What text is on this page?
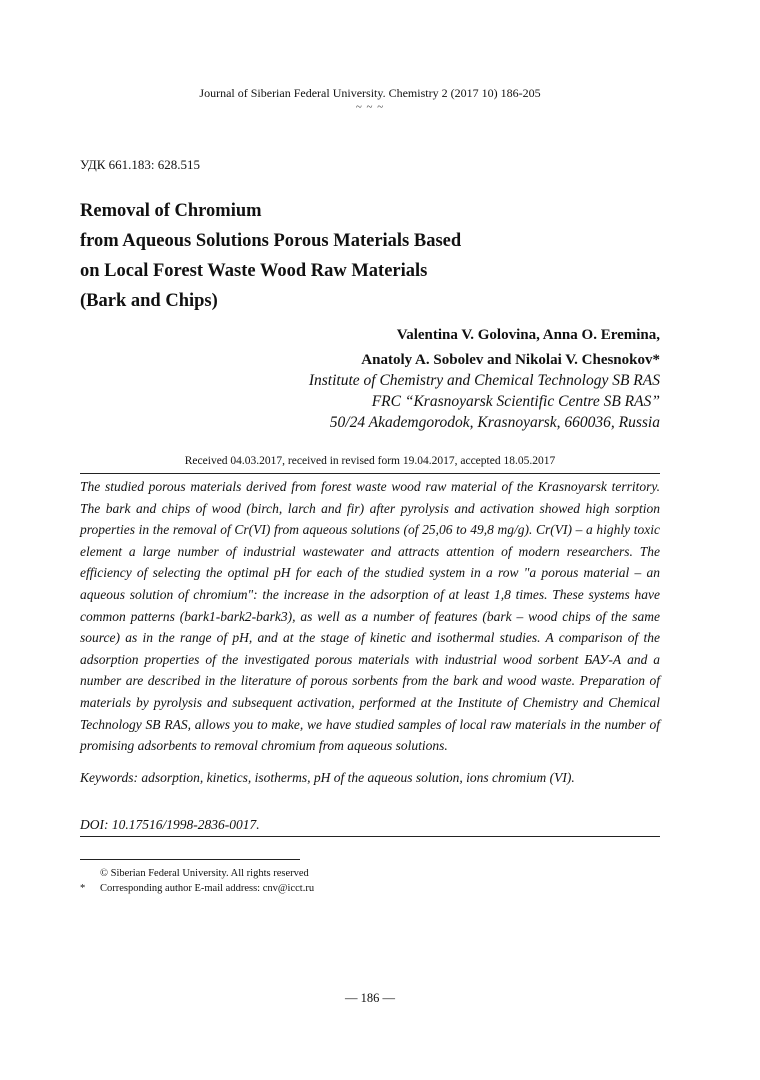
Journal of Siberian Federal University. Chemistry 2 (2017 10) 186-205
~ ~ ~
УДК 661.183: 628.515
Removal of Chromium
from Aqueous Solutions Porous Materials Based
on Local Forest Waste Wood Raw Materials
(Bark and Chips)
Valentina V. Golovina, Anna O. Eremina,
Anatoly A. Sobolev and Nikolai V. Chesnokov*
Institute of Chemistry and Chemical Technology SB RAS
FRC “Krasnoyarsk Scientific Centre SB RAS”
50/24 Akademgorodok, Krasnoyarsk, 660036, Russia
Received 04.03.2017, received in revised form 19.04.2017, accepted 18.05.2017
The studied porous materials derived from forest waste wood raw material of the Krasnoyarsk territory. The bark and chips of wood (birch, larch and fir) after pyrolysis and activation showed high sorption properties in the removal of Cr(VI) from aqueous solutions (of 25,06 to 49,8 mg/g). Cr(VI) – a highly toxic element a large number of industrial wastewater and attracts attention of modern researchers. The efficiency of selecting the optimal pH for each of the studied system in a row "a porous material – an aqueous solution of chromium": the increase in the adsorption of at least 1,8 times. These systems have common patterns (bark1-bark2-bark3), as well as a number of features (bark – wood chips of the same source) as in the range of pH, and at the stage of kinetic and isothermal studies. A comparison of the adsorption properties of the investigated porous materials with industrial wood sorbent БАУ-А and a number are described in the literature of porous sorbents from the bark and wood waste. Preparation of materials by pyrolysis and subsequent activation, performed at the Institute of Chemistry and Chemical Technology SB RAS, allows you to make, we have studied samples of local raw materials in the number of promising adsorbents to removal chromium from aqueous solutions.
Keywords: adsorption, kinetics, isotherms, pH of the aqueous solution, ions chromium (VI).
DOI: 10.17516/1998-2836-0017.
© Siberian Federal University. All rights reserved
* Corresponding author E-mail address: cnv@icct.ru
― 186 ―
